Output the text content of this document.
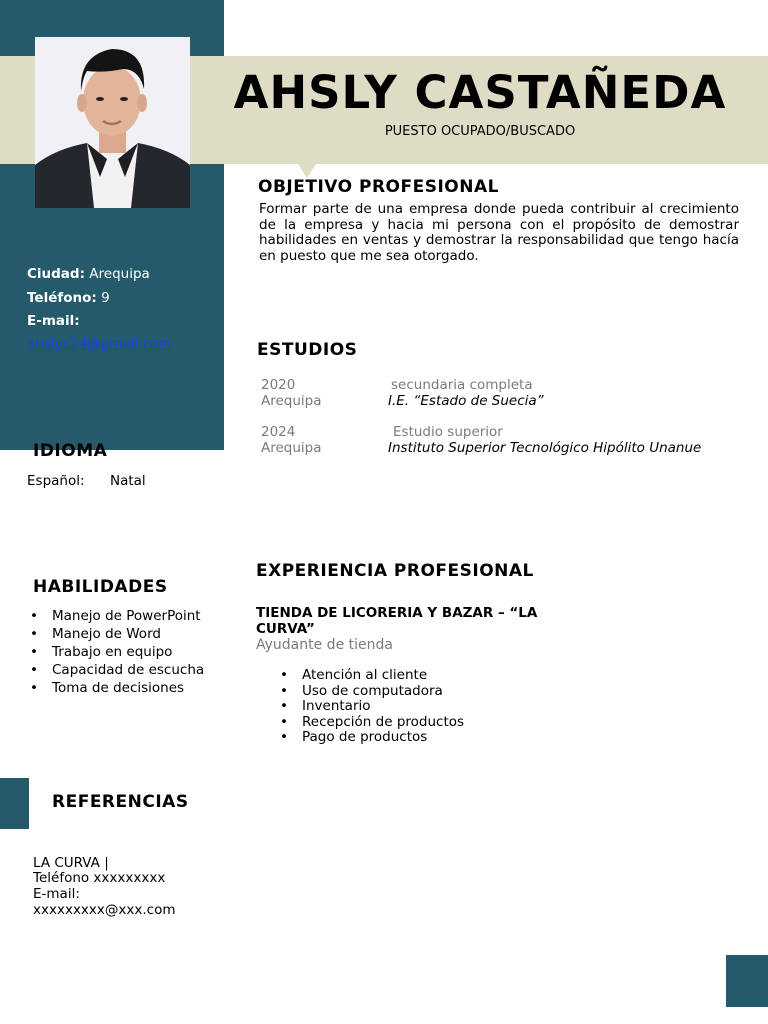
AHSLY CASTAÑEDA
PUESTO OCUPADO/BUSCADO
OBJETIVO PROFESIONAL
Formar parte de una empresa donde pueda contribuir al crecimiento de la empresa y hacia mi persona con el propósito de demostrar habilidades en ventas y demostrar la responsabilidad que tengo hacía en puesto que me sea otorgado.
Ciudad: Arequipa
Teléfono: 9
E-mail:
ahslyc24@gmail.com	ESTUDIOS
2020	secundaria completa
Arequipa	I.E. “Estado de Suecia”
2024	Estudio superior
Arequipa	Instituto Superior Tecnológico Hipólito Unanue
IDIOMA
Español: Natal
HABILIDADES
• Manejo de PowerPoint
• Manejo de Word
• Trabajo en equipo
• Capacidad de escucha
• Toma de decisiones
EXPERIENCIA PROFESIONAL
TIENDA DE LICORERIA Y BAZAR – “LA
CURVA”
Ayudante de tienda
• Atención al cliente
• Uso de computadora
• Inventario
• Recepción de productos
• Pago de productos
REFERENCIAS
LA CURVA |
Teléfono xxxxxxxxx
E-mail:
xxxxxxxxx@xxx.com
